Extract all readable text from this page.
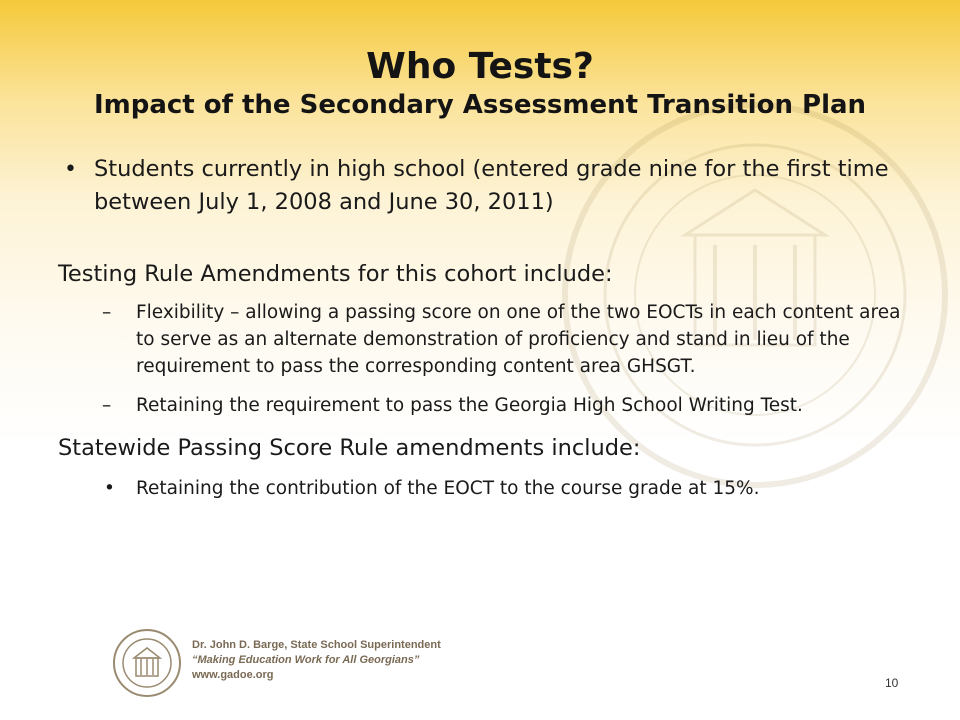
Who Tests?
Impact of the Secondary Assessment Transition Plan
• Students currently in high school (entered grade nine for the first time between July 1, 2008 and June 30, 2011)

Testing Rule Amendments for this cohort include:

– Flexibility – allowing a passing score on one of the two EOCTs in each content area to serve as an alternate demonstration of proficiency and stand in lieu of the requirement to pass the corresponding content area GHSGT.
– Retaining the requirement to pass the Georgia High School Writing Test.

Statewide Passing Score Rule amendments include:

• Retaining the contribution of the EOCT to the course grade at 15%.
Dr. John D. Barge, State School Superintendent
“Making Education Work for All Georgians”
www.gadoe.org
10
